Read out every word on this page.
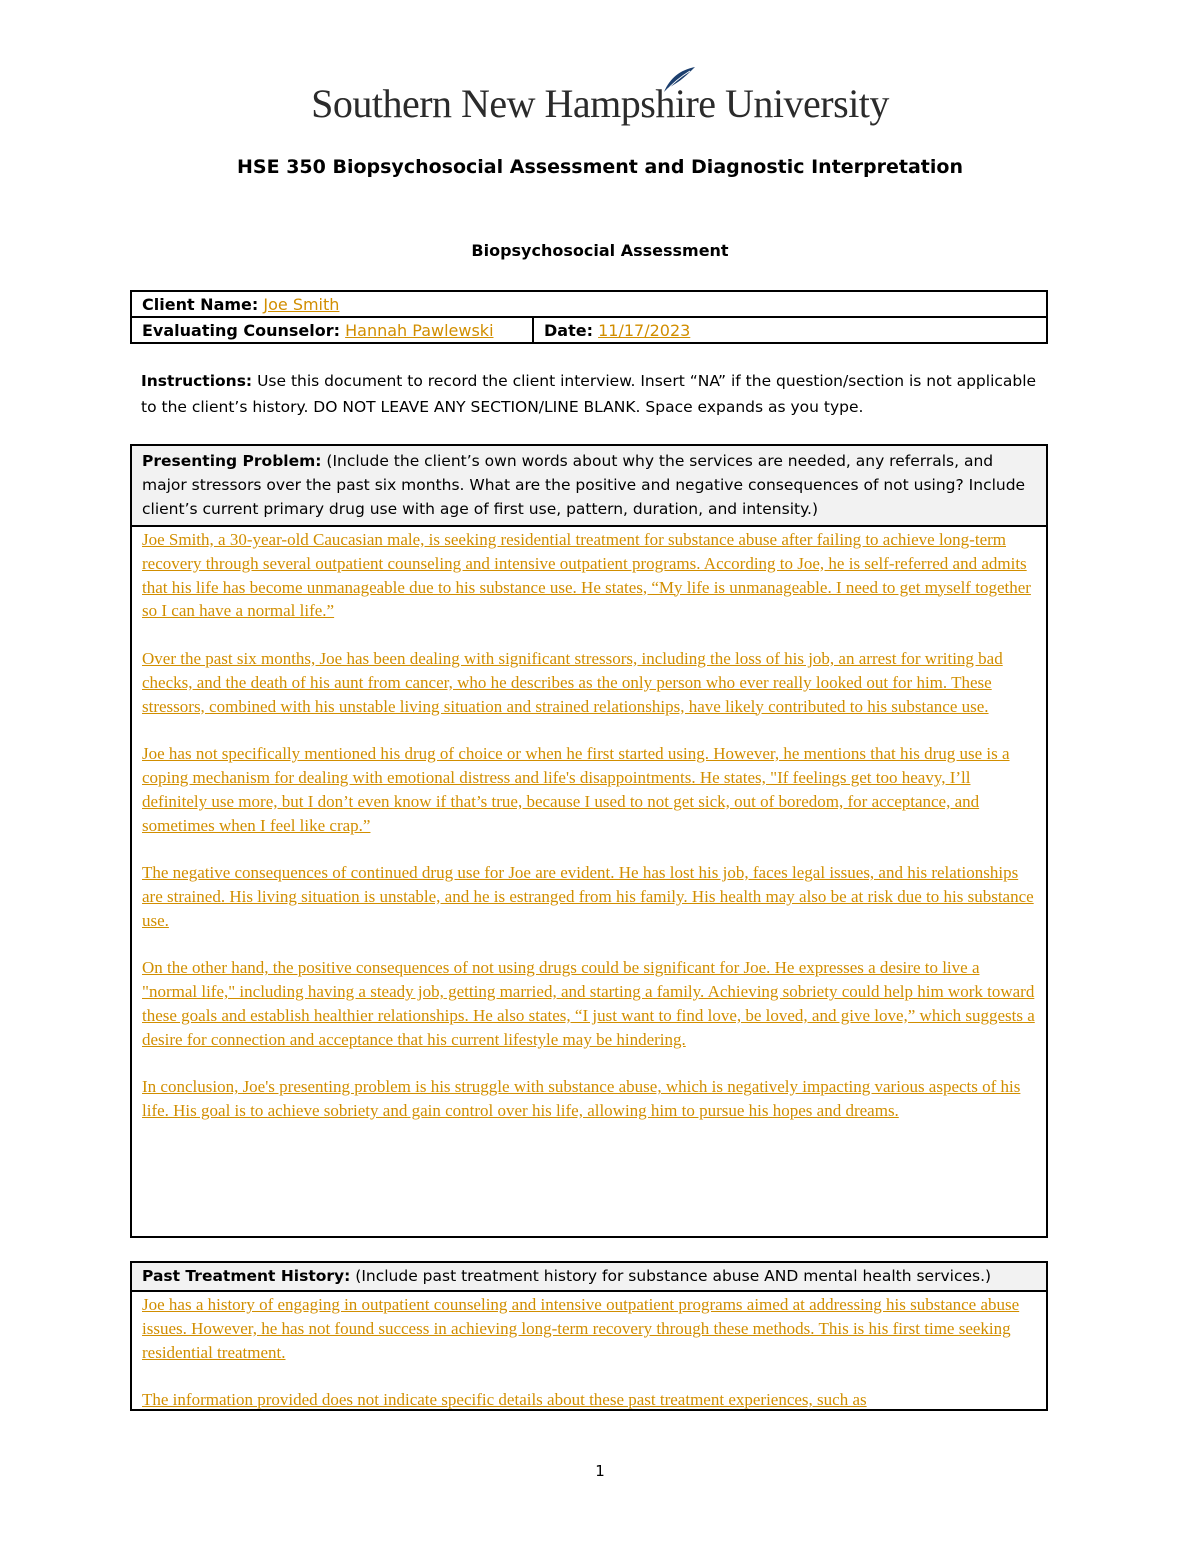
Southern New Hampshire University
HSE 350 Biopsychosocial Assessment and Diagnostic Interpretation
Biopsychosocial Assessment
Client Name: Joe Smith
Evaluating Counselor: Hannah Pawlewski	Date: 11/17/2023
Instructions: Use this document to record the client interview. Insert “NA” if the question/section is not applicable to the client’s history. DO NOT LEAVE ANY SECTION/LINE BLANK. Space expands as you type.
Presenting Problem: (Include the client’s own words about why the services are needed, any referrals, and major stressors over the past six months. What are the positive and negative consequences of not using? Include client’s current primary drug use with age of first use, pattern, duration, and intensity.)

Joe Smith, a 30-year-old Caucasian male, is seeking residential treatment for substance abuse after failing to achieve long-term recovery through several outpatient counseling and intensive outpatient programs. According to Joe, he is self-referred and admits that his life has become unmanageable due to his substance use. He states, “My life is unmanageable. I need to get myself together so I can have a normal life.”

Over the past six months, Joe has been dealing with significant stressors, including the loss of his job, an arrest for writing bad checks, and the death of his aunt from cancer, who he describes as the only person who ever really looked out for him. These stressors, combined with his unstable living situation and strained relationships, have likely contributed to his substance use.

Joe has not specifically mentioned his drug of choice or when he first started using. However, he mentions that his drug use is a coping mechanism for dealing with emotional distress and life's disappointments. He states, "If feelings get too heavy, I’ll definitely use more, but I don’t even know if that’s true, because I used to not get sick, out of boredom, for acceptance, and sometimes when I feel like crap.”

The negative consequences of continued drug use for Joe are evident. He has lost his job, faces legal issues, and his relationships are strained. His living situation is unstable, and he is estranged from his family. His health may also be at risk due to his substance use.

On the other hand, the positive consequences of not using drugs could be significant for Joe. He expresses a desire to live a "normal life," including having a steady job, getting married, and starting a family. Achieving sobriety could help him work toward these goals and establish healthier relationships. He also states, “I just want to find love, be loved, and give love,” which suggests a desire for connection and acceptance that his current lifestyle may be hindering.

In conclusion, Joe's presenting problem is his struggle with substance abuse, which is negatively impacting various aspects of his life. His goal is to achieve sobriety and gain control over his life, allowing him to pursue his hopes and dreams.

Past Treatment History: (Include past treatment history for substance abuse AND mental health services.)

Joe has a history of engaging in outpatient counseling and intensive outpatient programs aimed at addressing his substance abuse issues. However, he has not found success in achieving long-term recovery through these methods. This is his first time seeking residential treatment.

The information provided does not indicate specific details about these past treatment experiences, such as

1
